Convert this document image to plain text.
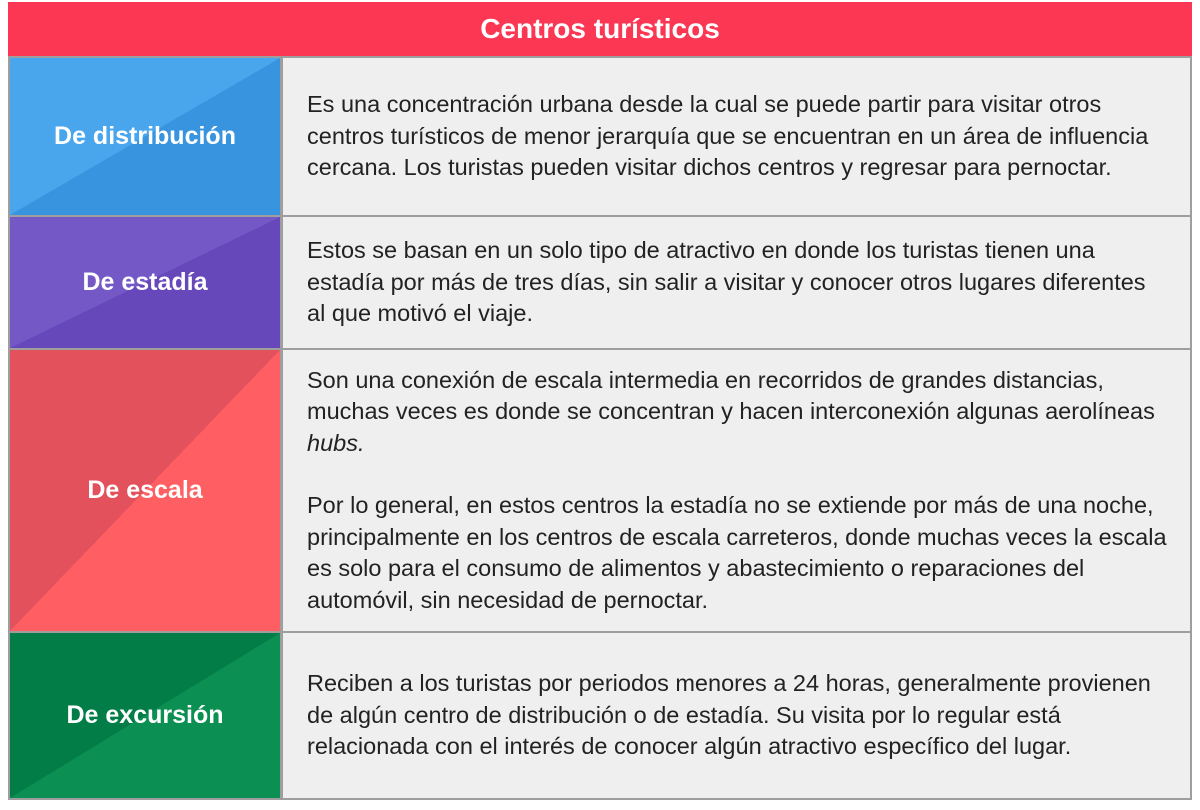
Centros turísticos
De distribución

Es una concentración urbana desde la cual se puede partir para visitar otros centros turísticos de menor jerarquía que se encuentran en un área de influencia cercana. Los turistas pueden visitar dichos centros y regresar para pernoctar.

De estadía

Estos se basan en un solo tipo de atractivo en donde los turistas tienen una estadía por más de tres días, sin salir a visitar y conocer otros lugares diferentes al que motivó el viaje.

De escala

Son una conexión de escala intermedia en recorridos de grandes distancias, muchas veces es donde se concentran y hacen interconexión algunas aerolíneas hubs.

Por lo general, en estos centros la estadía no se extiende por más de una noche, principalmente en los centros de escala carreteros, donde muchas veces la escala es solo para el consumo de alimentos y abastecimiento o reparaciones del automóvil, sin necesidad de pernoctar.

De excursión

Reciben a los turistas por periodos menores a 24 horas, generalmente provienen de algún centro de distribución o de estadía. Su visita por lo regular está relacionada con el interés de conocer algún atractivo específico del lugar.
